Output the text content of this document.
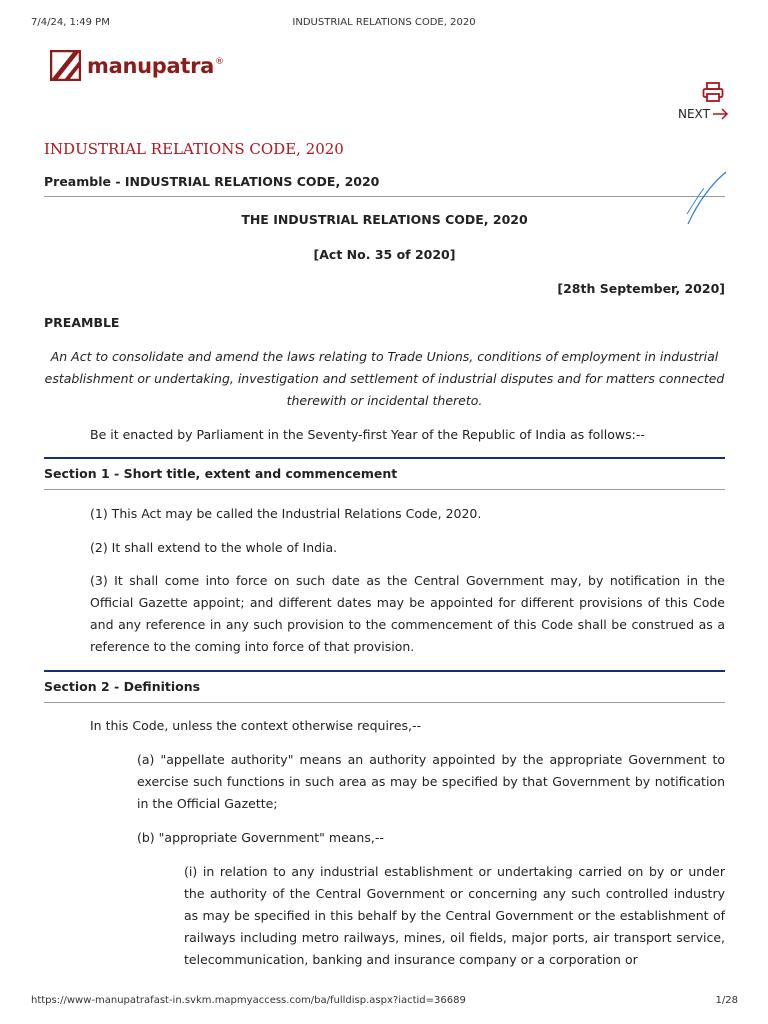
7/4/24, 1:49 PM	INDUSTRIAL RELATIONS CODE, 2020
manupatra ®
NEXT
INDUSTRIAL RELATIONS CODE, 2020
Preamble - INDUSTRIAL RELATIONS CODE, 2020
THE INDUSTRIAL RELATIONS CODE, 2020
[Act No. 35 of 2020]
[28th September, 2020]
PREAMBLE
An Act to consolidate and amend the laws relating to Trade Unions, conditions of employment in industrial establishment or undertaking, investigation and settlement of industrial disputes and for matters connected therewith or incidental thereto.
Be it enacted by Parliament in the Seventy-first Year of the Republic of India as follows:--
Section 1 - Short title, extent and commencement
(1) This Act may be called the Industrial Relations Code, 2020.
(2) It shall extend to the whole of India.
(3) It shall come into force on such date as the Central Government may, by notification in the Official Gazette appoint; and different dates may be appointed for different provisions of this Code and any reference in any such provision to the commencement of this Code shall be construed as a reference to the coming into force of that provision.
Section 2 - Definitions
In this Code, unless the context otherwise requires,--
(a) "appellate authority" means an authority appointed by the appropriate Government to exercise such functions in such area as may be specified by that Government by notification in the Official Gazette;
(b) "appropriate Government" means,--
(i) in relation to any industrial establishment or undertaking carried on by or under the authority of the Central Government or concerning any such controlled industry as may be specified in this behalf by the Central Government or the establishment of railways including metro railways, mines, oil fields, major ports, air transport service, telecommunication, banking and insurance company or a corporation or
https://www-manupatrafast-in.svkm.mapmyaccess.com/ba/fulldisp.aspx?iactid=36689	1/28
